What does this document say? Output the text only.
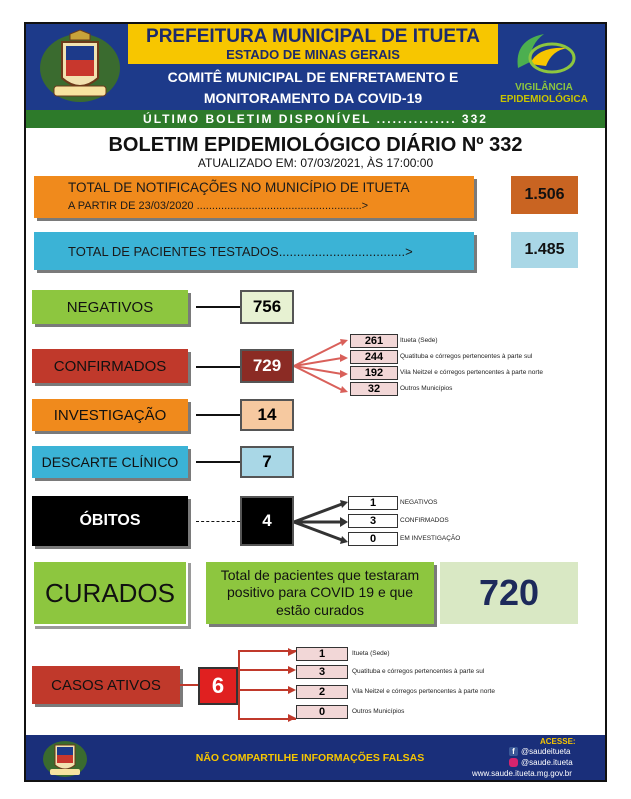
PREFEITURA MUNICIPAL DE ITUETA
ESTADO DE MINAS GERAIS
COMITÊ MUNICIPAL DE ENFRETAMENTO E
MONITORAMENTO DA COVID-19
VIGILÂNCIA
EPIDEMIOLÓGICA
ÚLTIMO BOLETIM DISPONÍVEL ............... 332
BOLETIM EPIDEMIOLÓGICO DIÁRIO Nº 332
ATUALIZADO EM: 07/03/2021, ÀS 17:00:00
TOTAL DE NOTIFICAÇÕES NO MUNICÍPIO DE ITUETA
A PARTIR DE 23/03/2020 ......................................................>
1.506
TOTAL DE PACIENTES TESTADOS...................................>	1.485
NEGATIVOS	756
CONFIRMADOS	729
261	Itueta (Sede)
244	Quatituba e córregos pertencentes à parte sul
192	Vila Neitzel e córregos pertencentes à parte norte
32	Outros Municípios
INVESTIGAÇÃO	14
DESCARTE CLÍNICO	7
ÓBITOS	4
1	NEGATIVOS
3	CONFIRMADOS
0	EM INVESTIGAÇÃO
CURADOS
Total de pacientes que testaram positivo para COVID 19 e que estão curados	720
CASOS ATIVOS	6
1	Itueta (Sede)
3	Quatituba e córregos pertencentes à parte sul
2	Vila Neitzel e córregos pertencentes à parte norte
0	Outros Municípios
NÃO COMPARTILHE INFORMAÇÕES FALSAS
ACESSE:
f @saudeitueta
@saude.itueta
www.saude.itueta.mg.gov.br
